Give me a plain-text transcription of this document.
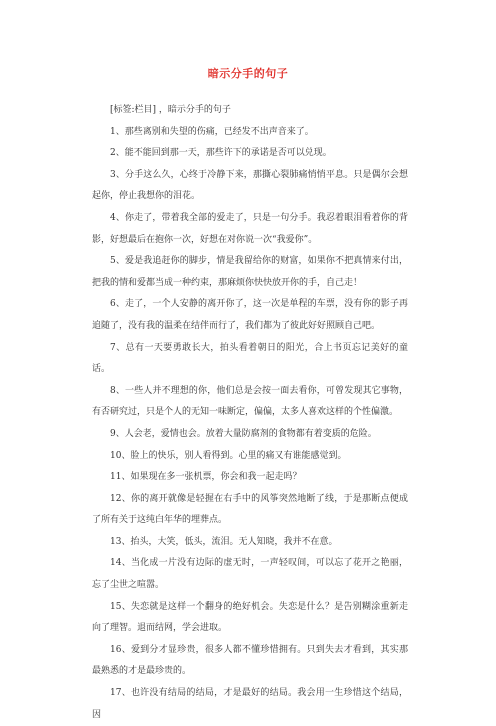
暗示分手的句子

[标签:栏目] ，暗示分手的句子

1、那些离别和失望的伤痛，已经发不出声音来了。

2、能不能回到那一天，那些许下的承诺是否可以兑现。

3、分手这么久，心终于冷静下来，那撕心裂肺痛悄悄平息。只是偶尔会想起你，停止我想你的泪花。

4、你走了，带着我全部的爱走了，只是一句分手。我忍着眼泪看着你的背影，好想最后在抱你一次，好想在对你说一次“我爱你”。

5、爱是我追赶你的脚步，情是我留给你的财富，如果你不把真情来付出，把我的情和爱都当成一种约束，那麻烦你快快放开你的手，自己走！

6、走了，一个人安静的离开你了，这一次是单程的车票，没有你的影子再追随了，没有我的温柔在结伴而行了，我们都为了彼此好好照顾自己吧。

7、总有一天要勇敢长大，拍头看着朝日的阳光，合上书页忘记美好的童话。

8、一些人并不理想的你，他们总是会按一面去看你，可曾发现其它事物，有否研究过，只是个人的无知一味断定，偏偏，太多人喜欢这样的个性偏激。

9、人会老，爱情也会。放着大量防腐剂的食物都有着变质的危险。

10、脸上的快乐，别人看得到。心里的痛又有谁能感觉到。

11、如果现在多一张机票，你会和我一起走吗？

12、你的离开就像是轻握在右手中的风筝突然地断了线，于是那断点便成了所有关于这纯白年华的埋葬点。

13、抬头，大笑，低头，流泪。无人知晓，我并不在意。

14、当化成一片没有边际的虚无时，一声轻叹间，可以忘了花开之艳丽，忘了尘世之喧嚣。

15、失恋就是这样一个翻身的绝好机会。失恋是什么？是告别糊涂重新走向了理智。退而结网，学会进取。

16、爱到分才显珍贵，很多人都不懂珍惜拥有。只到失去才看到，其实那最熟悉的才是最珍贵的。

17、也许没有结局的结局，才是最好的结局。我会用一生珍惜这个结局，因
